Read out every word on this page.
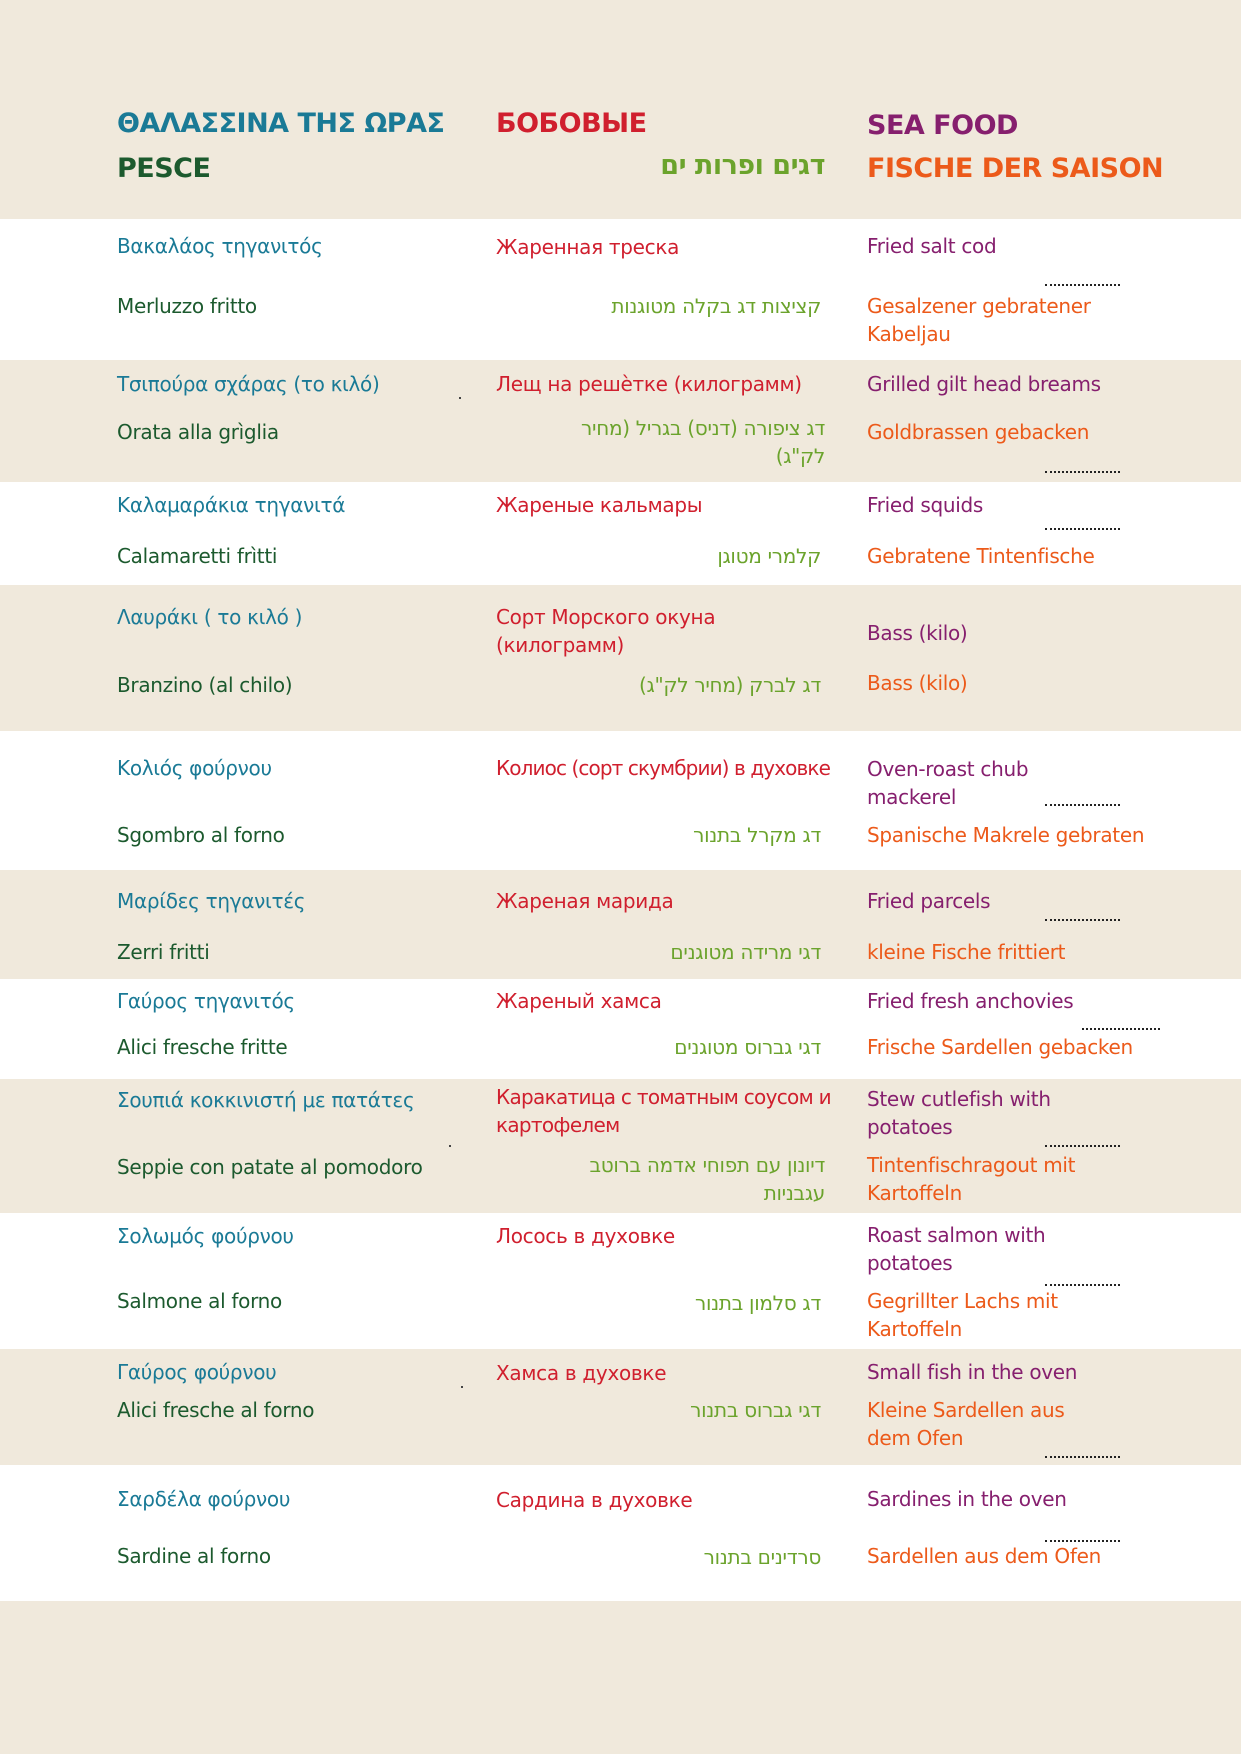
ΘΑΛΑΣΣΙΝΑ ΤΗΣ ΩΡΑΣ
PESCE
БОБОВЫЕ
דגים ופרות ים
SEA FOOD
FISCHE DER SAISON
Βακαλάος τηγανιτός
Merluzzo fritto
Жаренная треска
קציצות דג בקלה מטוגנות
Fried salt cod
Gesalzener gebratener Kabeljau
Τσιπούρα σχάρας (το κιλό)
Orata alla grìglia
Лещ на решѐтке (килограмм)
דג ציפורה (דניס) בגריל (מחיר לק"ג)
Grilled gilt head breams
Goldbrassen gebacken
Καλαμαράκια τηγανιτά
Calamaretti frìtti
Жареные кальмары
קלמרי מטוגן
Fried squids
Gebratene Tintenfische
Λαυράκι ( το κιλό )
Branzino (al chilo)
Сорт Морского окуна (килограмм)
דג לברק (מחיר לק"ג)
Bass (kilo)
Bass (kilo)
Κολιός φούρνου
Sgombro al forno
Колиос (сорт скумбрии) в духовке
דג מקרל בתנור
Oven-roast chub mackerel
Spanische Makrele gebraten
Μαρίδες τηγανιτές
Zerri fritti
Жареная марида
דגי מרידה מטוגנים
Fried parcels
kleine Fische frittiert
Γαύρος τηγανιτός
Alici fresche fritte
Жареный хамса
דגי גברוס מטוגנים
Fried fresh anchovies
Frische Sardellen gebacken
Σουπιά κοκκινιστή με πατάτες
Seppie con patate al pomodoro
Каракатица с томатным соусом и картофелем
דיונון עם תפוחי אדמה ברוטב עגבניות
Stew cutlefish with potatoes
Tintenfischragout mit Kartoffeln
Σολωμός φούρνου
Salmone al forno
Лосось в духовке
דג סלמון בתנור
Roast salmon with potatoes
Gegrillter Lachs mit Kartoffeln
Γαύρος φούρνου
Alici fresche al forno
Хамса в духовке
דגי גברוס בתנור
Small fish in the oven
Kleine Sardellen aus dem Ofen
Σαρδέλα φούρνου
Sardine al forno
Сардина в духовке
סרדינים בתנור
Sardines in the oven
Sardellen aus dem Ofen
